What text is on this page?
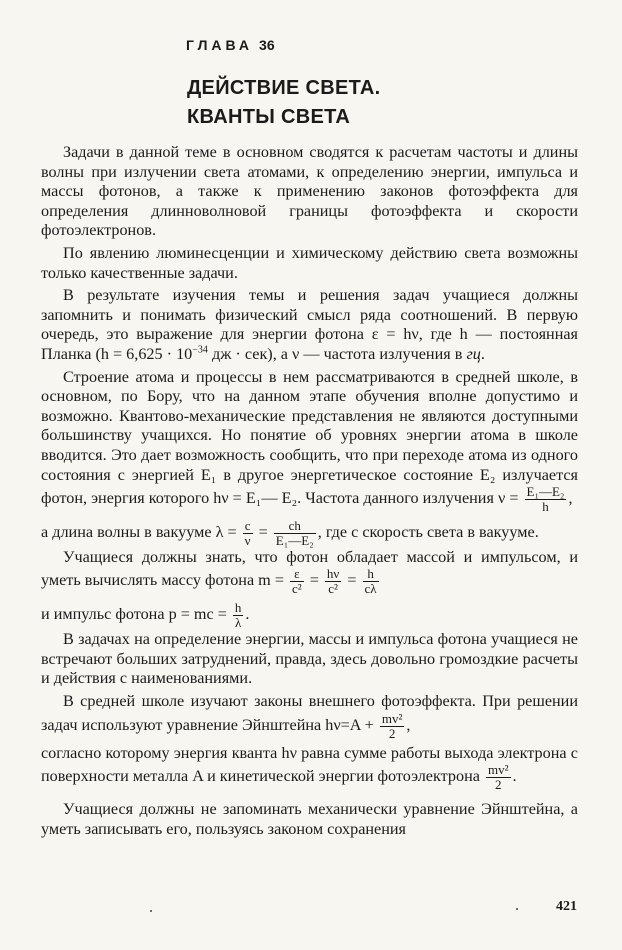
ГЛАВА 36
ДЕЙСТВИЕ СВЕТА.
КВАНТЫ СВЕТА

Задачи в данной теме в основном сводятся к расчетам частоты и длины волны при излучении света атомами, к определению энергии, импульса и массы фотонов, а также к применению законов фотоэффекта для определения длинноволновой границы фотоэффекта и скорости фотоэлектронов.

По явлению люминесценции и химическому действию света возможны только качественные задачи.

В результате изучения темы и решения задач учащиеся должны запомнить и понимать физический смысл ряда соотношений. В первую очередь, это выражение для энергии фотона ε = hν, где h — постоянная Планка ($h = 6,625 \cdot 10^{-34}$ дж · сек), а ν — частота излучения в гц.

Строение атома и процессы в нем рассматриваются в средней школе, в основном, по Бору, что на данном этапе обучения вполне допустимо и возможно. Квантово-механические представления не являются доступными большинству учащихся. Но понятие об уровнях энергии атома в школе вводится. Это дает возможность сообщить, что при переходе атома из одного состояния с энергией E₁ в другое энергетическое состояние E₂ излучается фотон, энергия которого hν = E₁— E₂. Частота данного излучения $\nu = \frac{\text{E₁—E₂}}{h}$ ,

а длина волны в вакууме $\lambda = \frac{c}{\nu} = \frac{ch}{\text{E₁—E₂}}$ , где c скорость света в вакууме.

Учащиеся должны знать, что фотон обладает массой и импульсом, и уметь вычислять массу фотона $m = \frac{\varepsilon}{\text{c²}} = \frac{h\nu}{\text{c²}} = \frac{h}{c\lambda}$

и импульс фотона p = mc = $\frac{h}{\lambda}$ .

В задачах на определение энергии, массы и импульса фотона учащиеся не встречают больших затруднений, правда, здесь довольно громоздкие расчеты и действия с наименованиями.

В средней школе изучают законы внешнего фотоэффекта. При решении задач используют уравнение Эйнштейна $h\nu=A + \frac{\text{mv²}}{2}$ ,

согласно которому энергия кванта hν равна сумме работы выхода электрона с поверхности металла A и кинетической энергии фотоэлектрона $\frac{\text{mv²}}{2}$ .

Учащиеся должны не запоминать механически уравнение Эйнштейна, а уметь записывать его, пользуясь законом сохранения

421
